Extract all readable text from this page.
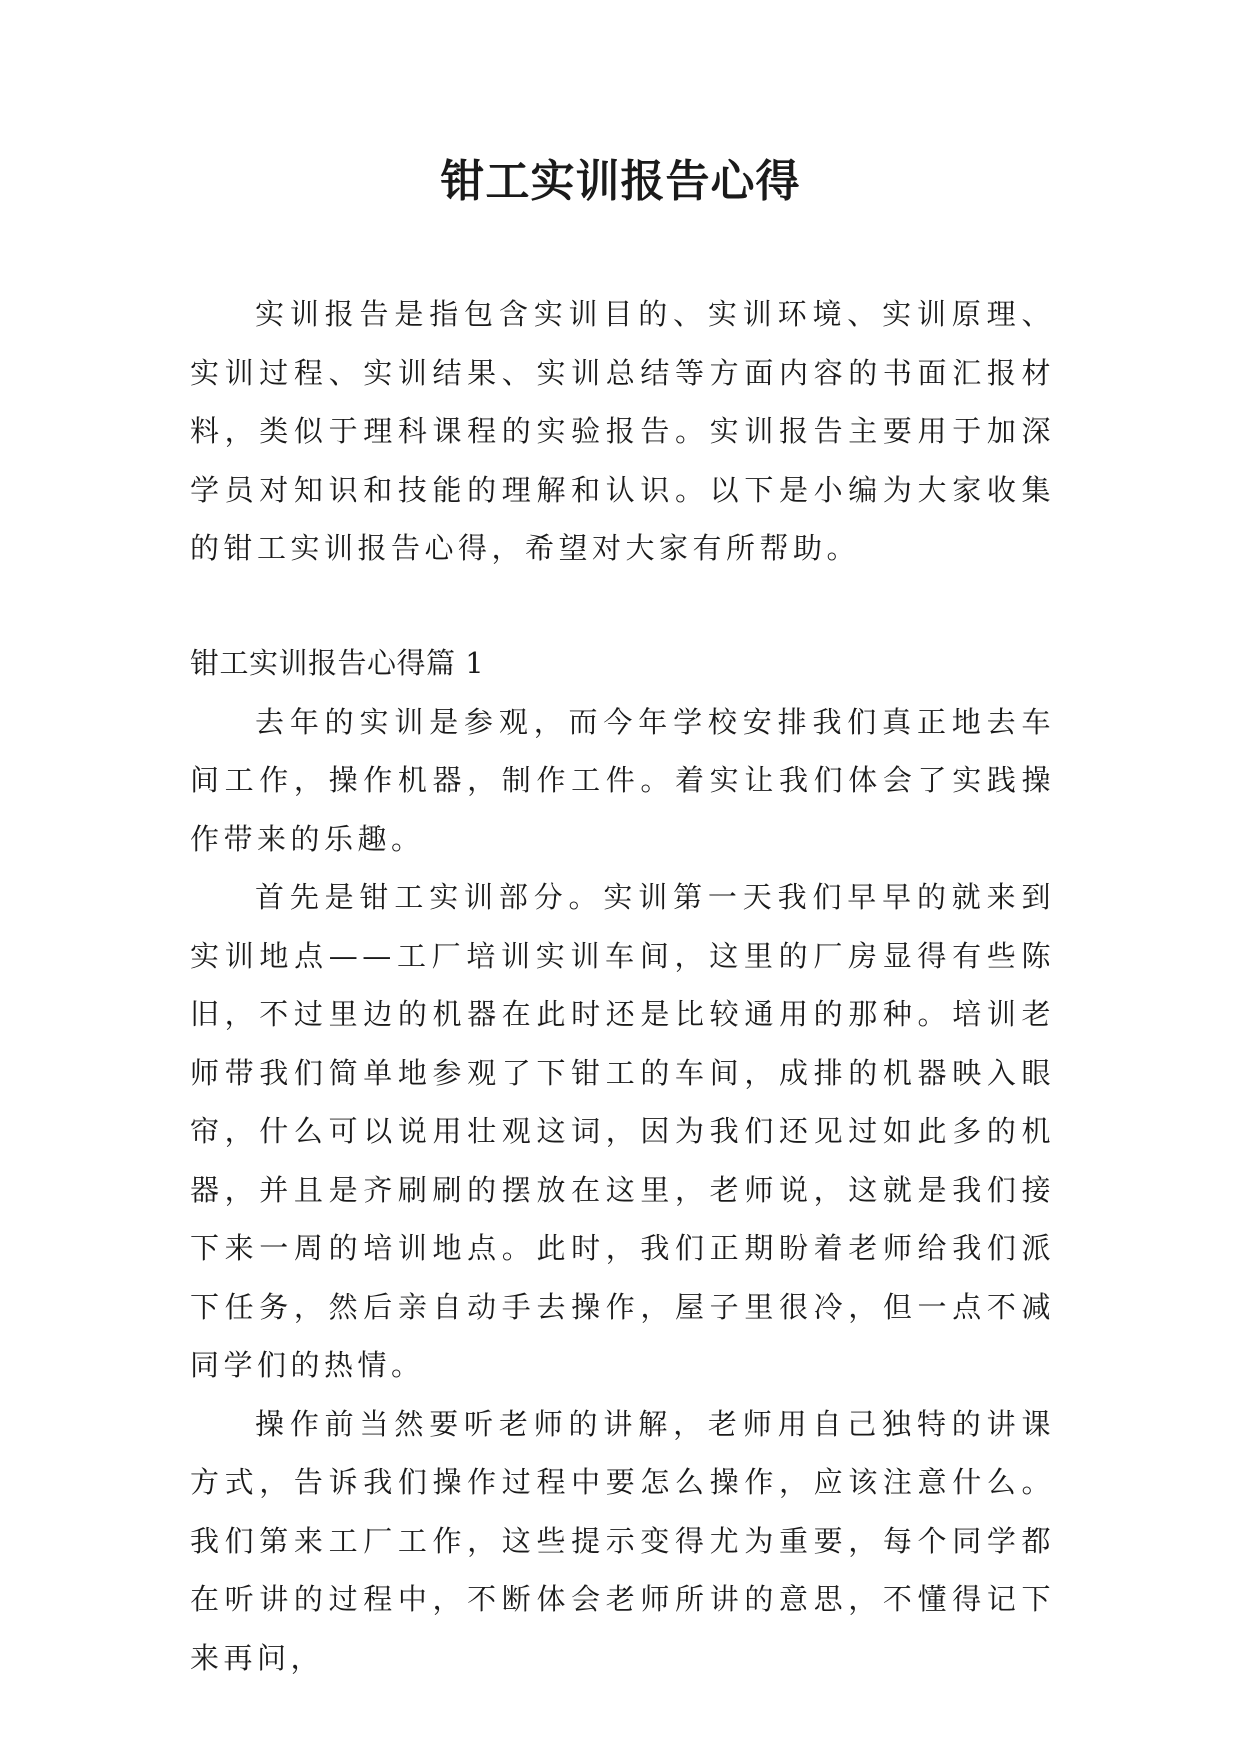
钳工实训报告心得

实训报告是指包含实训目的、实训环境、实训原理、实训过程、实训结果、实训总结等方面内容的书面汇报材料，类似于理科课程的实验报告。实训报告主要用于加深学员对知识和技能的理解和认识。以下是小编为大家收集的钳工实训报告心得，希望对大家有所帮助。

钳工实训报告心得篇 1

去年的实训是参观，而今年学校安排我们真正地去车间工作，操作机器，制作工件。着实让我们体会了实践操作带来的乐趣。

首先是钳工实训部分。实训第一天我们早早的就来到实训地点——工厂培训实训车间，这里的厂房显得有些陈旧，不过里边的机器在此时还是比较通用的那种。培训老师带我们简单地参观了下钳工的车间，成排的机器映入眼帘，什么可以说用壮观这词，因为我们还见过如此多的机器，并且是齐刷刷的摆放在这里，老师说，这就是我们接下来一周的培训地点。此时，我们正期盼着老师给我们派下任务，然后亲自动手去操作，屋子里很冷，但一点不减同学们的热情。

操作前当然要听老师的讲解，老师用自己独特的讲课方式，告诉我们操作过程中要怎么操作，应该注意什么。我们第来工厂工作，这些提示变得尤为重要，每个同学都在听讲的过程中，不断体会老师所讲的意思，不懂得记下来再问，
